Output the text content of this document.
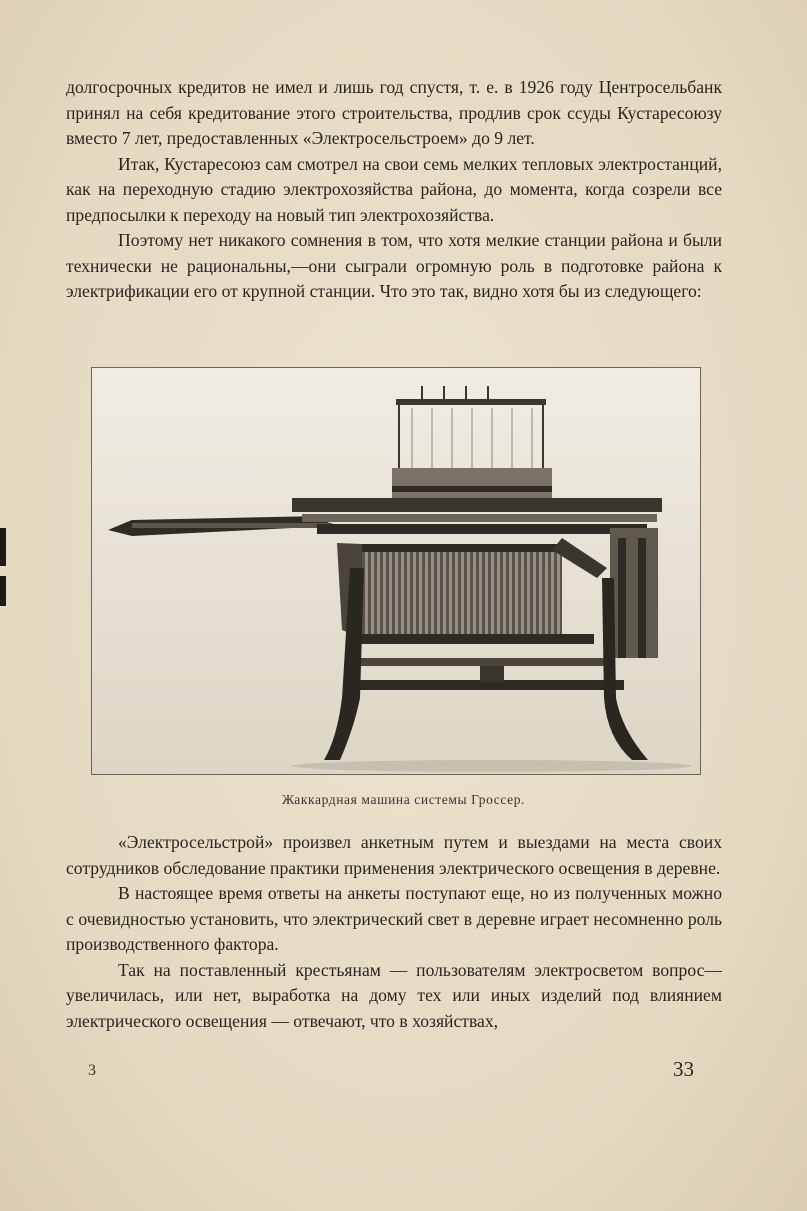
долгосрочных кредитов не имел и лишь год спустя, т. е. в 1926 году Центросельбанк принял на себя кредитование этого строительства, продлив срок ссуды Кустаресоюзу вместо 7 лет, предоставленных «Электросельстроем» до 9 лет.

Итак, Кустаресоюз сам смотрел на свои семь мелких тепловых электростанций, как на переходную стадию электрохозяйства района, до момента, когда созрели все предпосылки к переходу на новый тип электрохозяйства.

Поэтому нет никакого сомнения в том, что хотя мелкие станции района и были технически не рациональны,—они сыграли огромную роль в подготовке района к электрификации его от крупной станции. Что это так, видно хотя бы из следующего:

Жаккардная машина системы Гроссер.

«Электросельстрой» произвел анкетным путем и выездами на места своих сотрудников обследование практики применения электрического освещения в деревне.

В настоящее время ответы на анкеты поступают еще, но из полученных можно с очевидностью установить, что электрический свет в деревне играет несомненно роль производственного фактора.

Так на поставленный крестьянам — пользователям электросветом вопрос—увеличилась, или нет, выработка на дому тех или иных изделий под влиянием электрического освещения — отвечают, что в хозяйствах,

3	33
